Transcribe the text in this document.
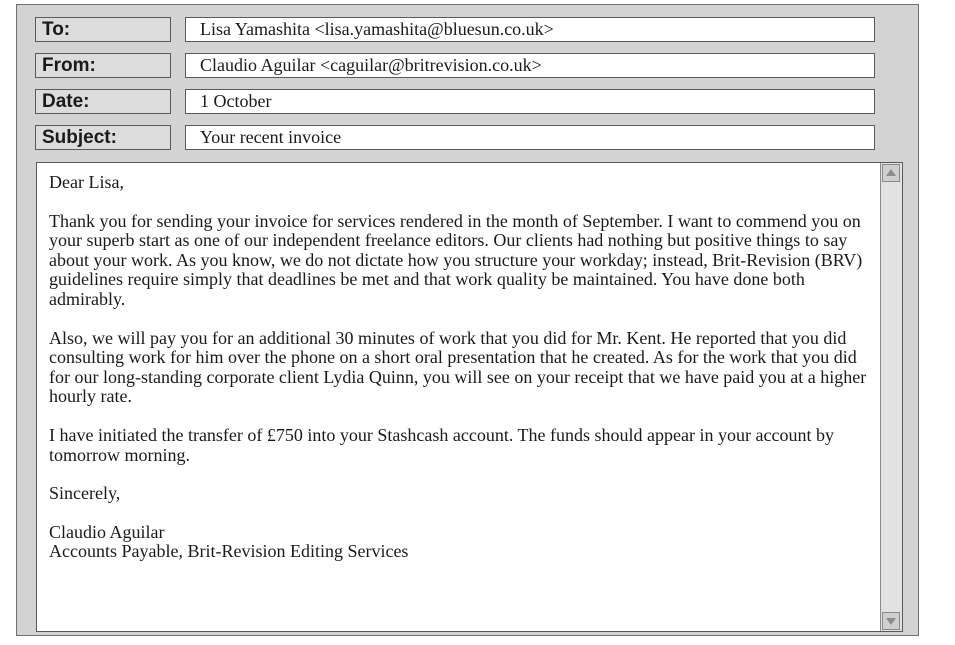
To:	Lisa Yamashita <lisa.yamashita@bluesun.co.uk>
From:	Claudio Aguilar <caguilar@britrevision.co.uk>
Date:	1 October
Subject:	Your recent invoice

Dear Lisa,

Thank you for sending your invoice for services rendered in the month of September. I want to commend you on your superb start as one of our independent freelance editors. Our clients had nothing but positive things to say about your work. As you know, we do not dictate how you structure your workday; instead, Brit-Revision (BRV) guidelines require simply that deadlines be met and that work quality be maintained. You have done both admirably.

Also, we will pay you for an additional 30 minutes of work that you did for Mr. Kent. He reported that you did consulting work for him over the phone on a short oral presentation that he created. As for the work that you did for our long-standing corporate client Lydia Quinn, you will see on your receipt that we have paid you at a higher hourly rate.

I have initiated the transfer of £750 into your Stashcash account. The funds should appear in your account by tomorrow morning.

Sincerely,

Claudio Aguilar

Accounts Payable, Brit-Revision Editing Services
